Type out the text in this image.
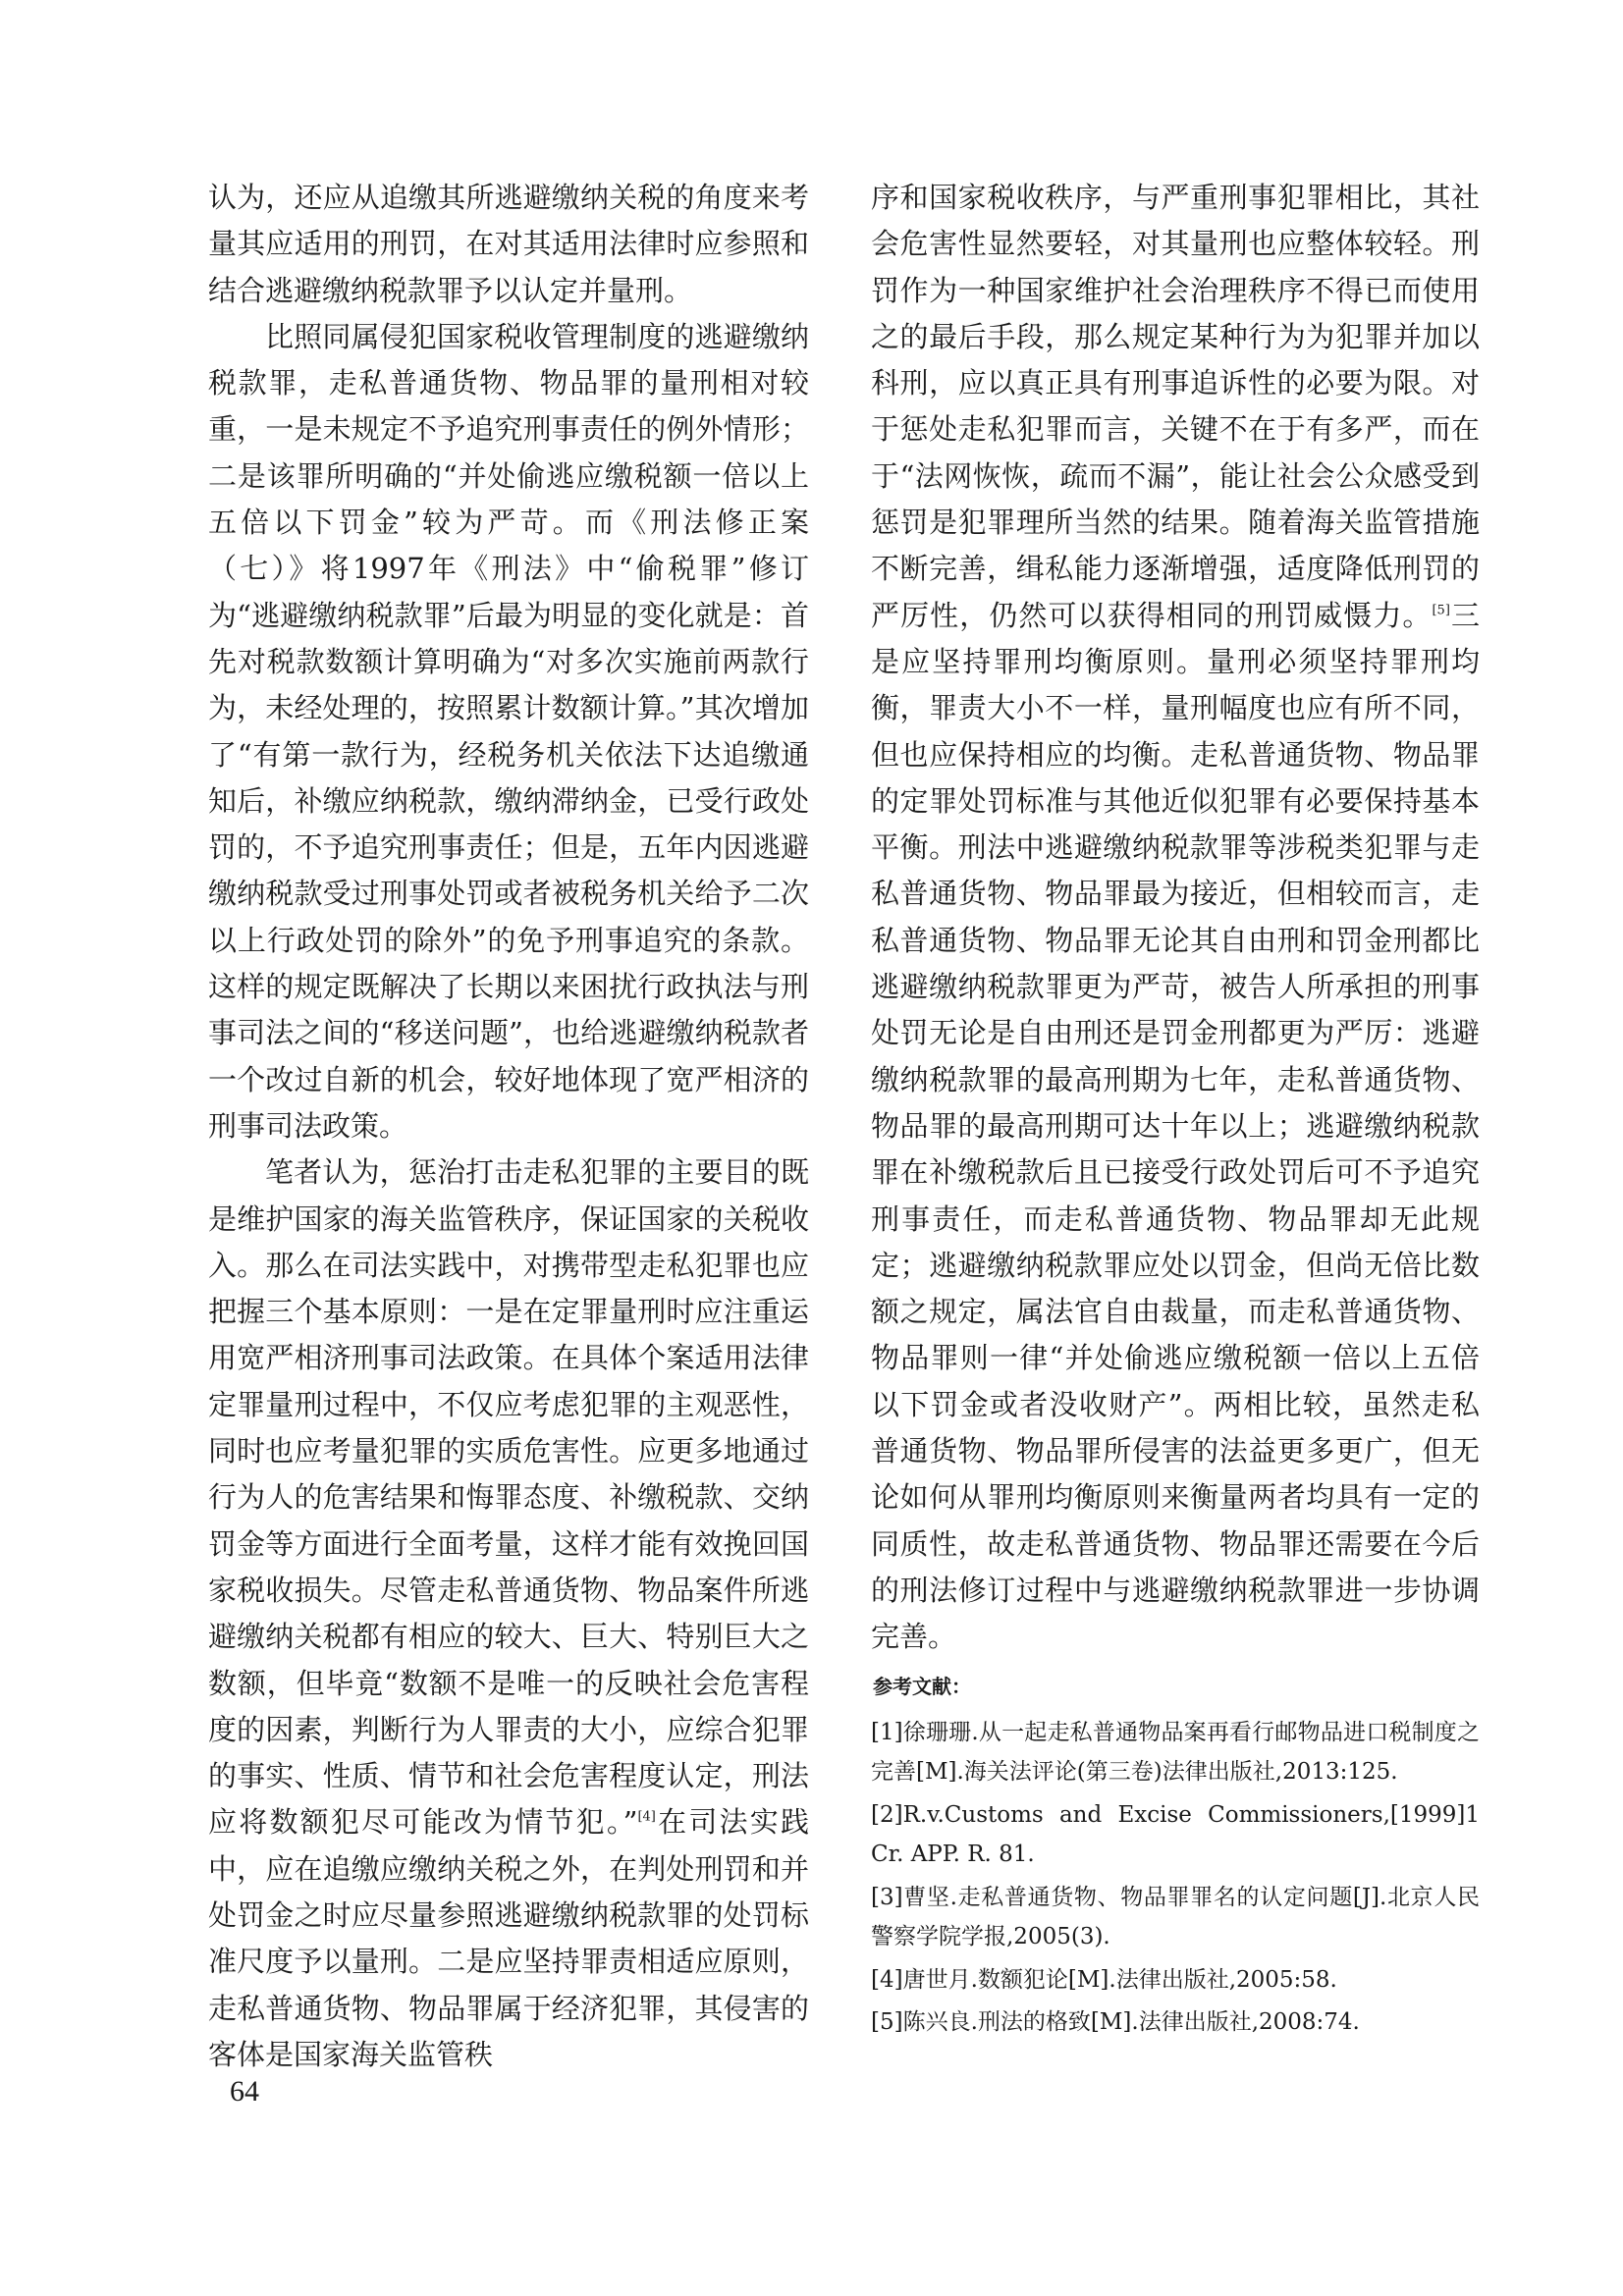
认为，还应从追缴其所逃避缴纳关税的角度来考量其应适用的刑罚，在对其适用法律时应参照和结合逃避缴纳税款罪予以认定并量刑。

比照同属侵犯国家税收管理制度的逃避缴纳税款罪，走私普通货物、物品罪的量刑相对较重，一是未规定不予追究刑事责任的例外情形；二是该罪所明确的“并处偷逃应缴税额一倍以上五倍以下罚金”较为严苛。而《刑法修正案（七）》将1997年《刑法》中“偷税罪”修订为“逃避缴纳税款罪”后最为明显的变化就是：首先对税款数额计算明确为“对多次实施前两款行为，未经处理的，按照累计数额计算。”其次增加了“有第一款行为，经税务机关依法下达追缴通知后，补缴应纳税款，缴纳滞纳金，已受行政处罚的，不予追究刑事责任；但是，五年内因逃避缴纳税款受过刑事处罚或者被税务机关给予二次以上行政处罚的除外”的免予刑事追究的条款。这样的规定既解决了长期以来困扰行政执法与刑事司法之间的“移送问题”，也给逃避缴纳税款者一个改过自新的机会，较好地体现了宽严相济的刑事司法政策。

笔者认为，惩治打击走私犯罪的主要目的既是维护国家的海关监管秩序，保证国家的关税收入。那么在司法实践中，对携带型走私犯罪也应把握三个基本原则：一是在定罪量刑时应注重运用宽严相济刑事司法政策。在具体个案适用法律定罪量刑过程中，不仅应考虑犯罪的主观恶性，同时也应考量犯罪的实质危害性。应更多地通过行为人的危害结果和悔罪态度、补缴税款、交纳罚金等方面进行全面考量，这样才能有效挽回国家税收损失。尽管走私普通货物、物品案件所逃避缴纳关税都有相应的较大、巨大、特别巨大之数额，但毕竟“数额不是唯一的反映社会危害程度的因素，判断行为人罪责的大小，应综合犯罪的事实、性质、情节和社会危害程度认定，刑法应将数额犯尽可能改为情节犯。”[4]在司法实践中，应在追缴应缴纳关税之外，在判处刑罚和并处罚金之时应尽量参照逃避缴纳税款罪的处罚标准尺度予以量刑。二是应坚持罪责相适应原则，走私普通货物、物品罪属于经济犯罪，其侵害的客体是国家海关监管秩

序和国家税收秩序，与严重刑事犯罪相比，其社会危害性显然要轻，对其量刑也应整体较轻。刑罚作为一种国家维护社会治理秩序不得已而使用之的最后手段，那么规定某种行为为犯罪并加以科刑，应以真正具有刑事追诉性的必要为限。对于惩处走私犯罪而言，关键不在于有多严，而在于“法网恢恢，疏而不漏”，能让社会公众感受到惩罚是犯罪理所当然的结果。随着海关监管措施不断完善，缉私能力逐渐增强，适度降低刑罚的严厉性，仍然可以获得相同的刑罚威慑力。[5]三是应坚持罪刑均衡原则。量刑必须坚持罪刑均衡，罪责大小不一样，量刑幅度也应有所不同，但也应保持相应的均衡。走私普通货物、物品罪的定罪处罚标准与其他近似犯罪有必要保持基本平衡。刑法中逃避缴纳税款罪等涉税类犯罪与走私普通货物、物品罪最为接近，但相较而言，走私普通货物、物品罪无论其自由刑和罚金刑都比逃避缴纳税款罪更为严苛，被告人所承担的刑事处罚无论是自由刑还是罚金刑都更为严厉：逃避缴纳税款罪的最高刑期为七年，走私普通货物、物品罪的最高刑期可达十年以上；逃避缴纳税款罪在补缴税款后且已接受行政处罚后可不予追究刑事责任，而走私普通货物、物品罪却无此规定；逃避缴纳税款罪应处以罚金，但尚无倍比数额之规定，属法官自由裁量，而走私普通货物、物品罪则一律“并处偷逃应缴税额一倍以上五倍以下罚金或者没收财产”。两相比较，虽然走私普通货物、物品罪所侵害的法益更多更广，但无论如何从罪刑均衡原则来衡量两者均具有一定的同质性，故走私普通货物、物品罪还需要在今后的刑法修订过程中与逃避缴纳税款罪进一步协调完善。

参考文献：

[1]徐珊珊.从一起走私普通物品案再看行邮物品进口税制度之完善[M].海关法评论(第三卷)法律出版社,2013:125.

[2]R.v.Customs and Excise Commissioners,[1999]1 Cr. APP. R. 81.

[3]曹坚.走私普通货物、物品罪罪名的认定问题[J].北京人民警察学院学报,2005(3).

[4]唐世月.数额犯论[M].法律出版社,2005:58.

[5]陈兴良.刑法的格致[M].法律出版社,2008:74.

64
